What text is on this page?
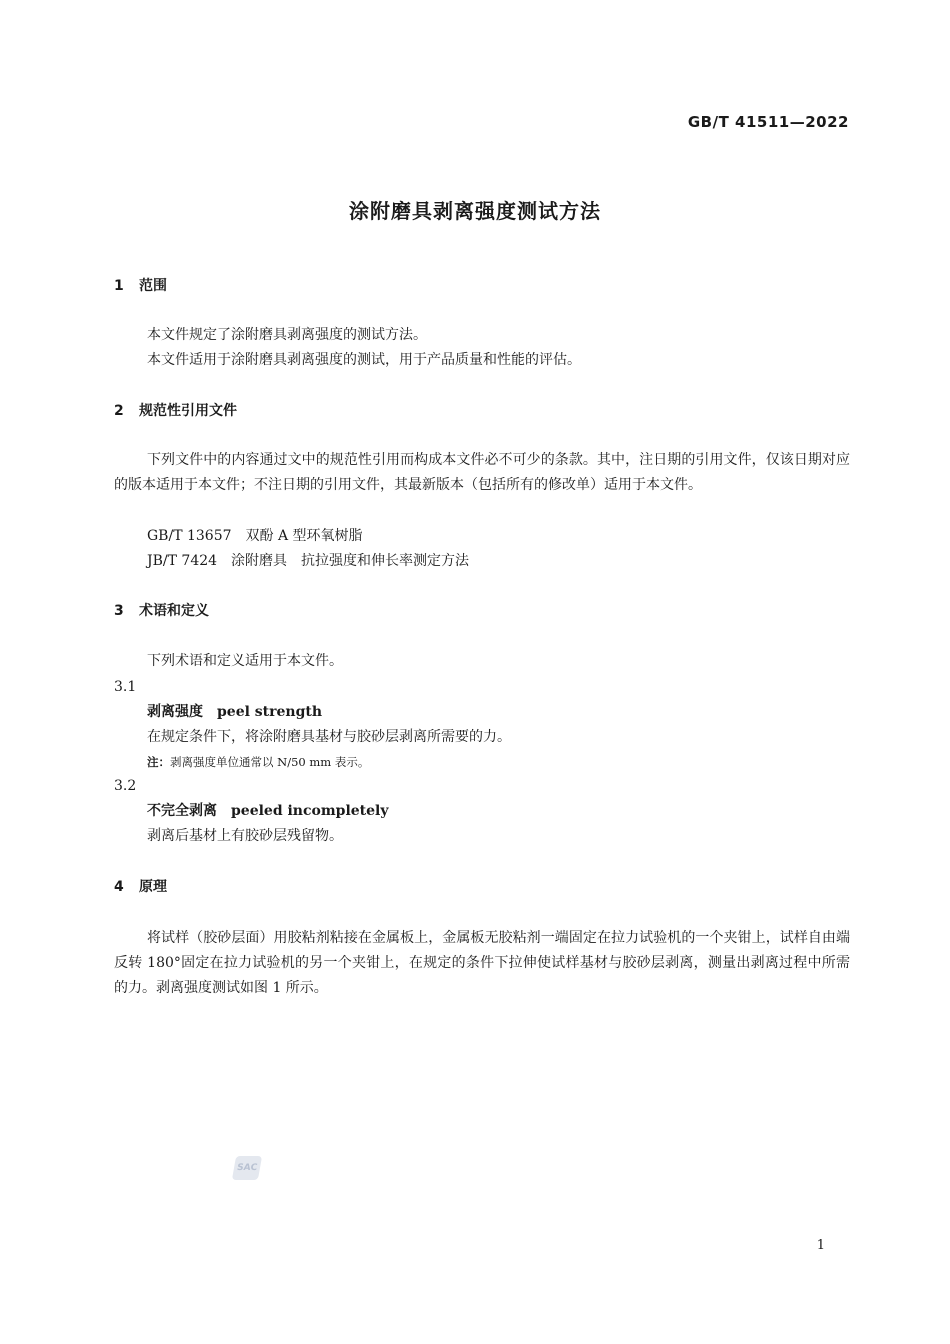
GB/T 41511—2022
涂附磨具剥离强度测试方法
1 范围

本文件规定了涂附磨具剥离强度的测试方法。

本文件适用于涂附磨具剥离强度的测试，用于产品质量和性能的评估。

2 规范性引用文件

下列文件中的内容通过文中的规范性引用而构成本文件必不可少的条款。其中，注日期的引用文件，仅该日期对应的版本适用于本文件；不注日期的引用文件，其最新版本（包括所有的修改单）适用于本文件。

GB/T 13657 双酚 A 型环氧树脂

JB/T 7424 涂附磨具　抗拉强度和伸长率测定方法

3 术语和定义

下列术语和定义适用于本文件。

3.1

剥离强度 peel strength

在规定条件下，将涂附磨具基材与胶砂层剥离所需要的力。

注：剥离强度单位通常以 N/50 mm 表示。

3.2

不完全剥离 peeled incompletely

剥离后基材上有胶砂层残留物。

4 原理

将试样（胶砂层面）用胶粘剂粘接在金属板上，金属板无胶粘剂一端固定在拉力试验机的一个夹钳上，试样自由端反转 180°固定在拉力试验机的另一个夹钳上，在规定的条件下拉伸使试样基材与胶砂层剥离，测量出剥离过程中所需的力。剥离强度测试如图 1 所示。

SAC
1
